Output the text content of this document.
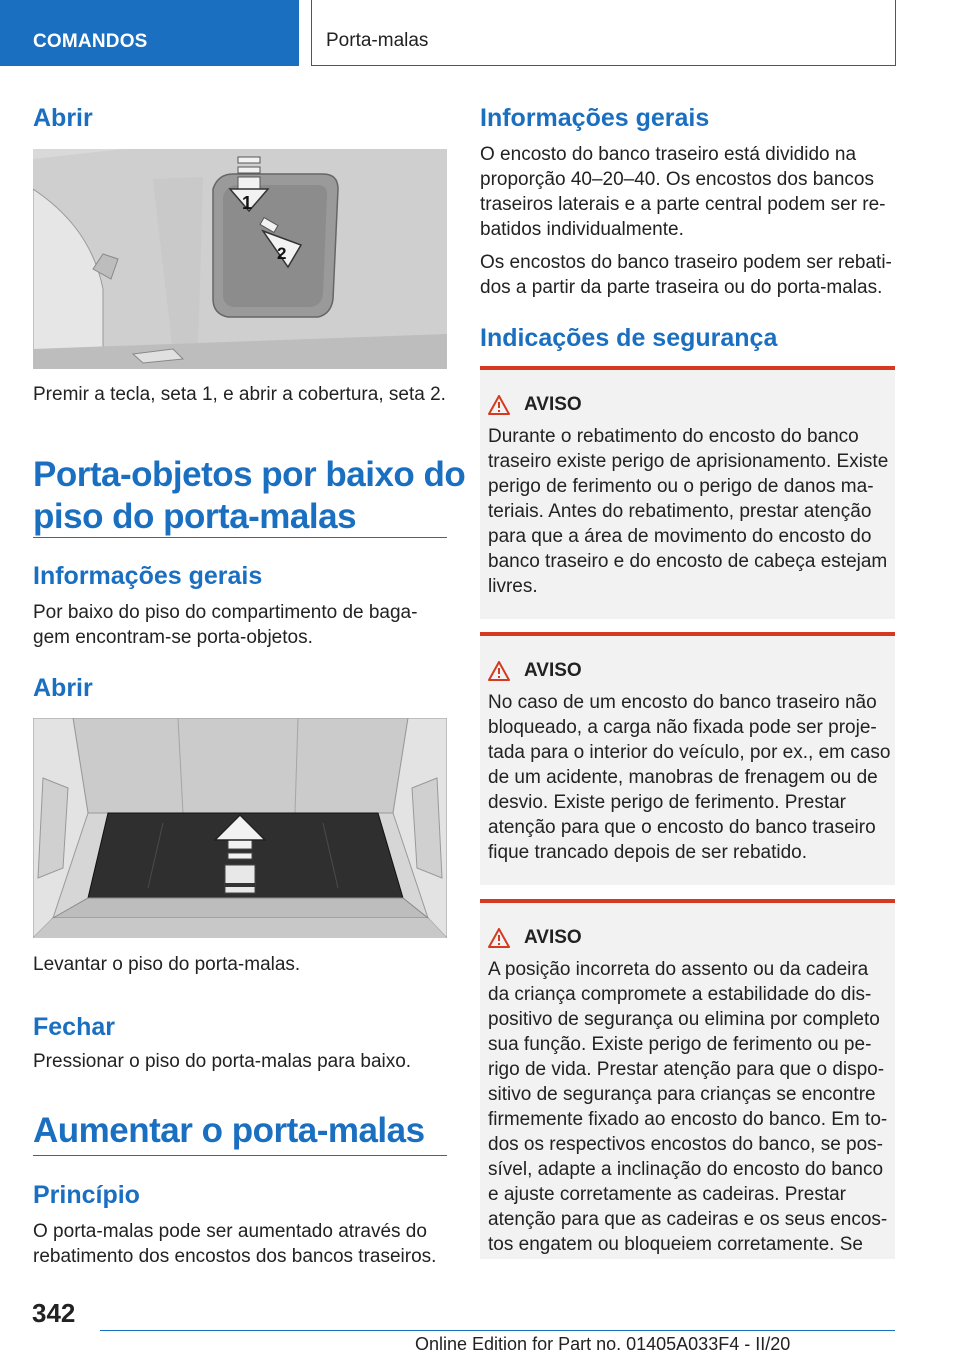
COMANDOS	Porta-malas
Abrir
1
2

Premir a tecla, seta 1, e abrir a cobertura, seta 2.

Porta-objetos por baixo do
piso do porta-malas
Informações gerais
Por baixo do piso do compartimento de baga-
gem encontram-se porta-objetos.
Abrir

Levantar o piso do porta-malas.

Fechar

Pressionar o piso do porta-malas para baixo.

Aumentar o porta-malas
Princípio
O porta-malas pode ser aumentado através do
rebatimento dos encostos dos bancos traseiros.
Informações gerais
O encosto do banco traseiro está dividido na
proporção 40–20–40. Os encostos dos bancos
traseiros laterais e a parte central podem ser re-
batidos individualmente.
Os encostos do banco traseiro podem ser rebati-
dos a partir da parte traseira ou do porta-malas.
Indicações de segurança
AVISO
Durante o rebatimento do encosto do banco
traseiro existe perigo de aprisionamento. Existe
perigo de ferimento ou o perigo de danos ma-
teriais. Antes do rebatimento, prestar atenção
para que a área de movimento do encosto do
banco traseiro e do encosto de cabeça estejam
livres.
AVISO
No caso de um encosto do banco traseiro não
bloqueado, a carga não fixada pode ser proje-
tada para o interior do veículo, por ex., em caso
de um acidente, manobras de frenagem ou de
desvio. Existe perigo de ferimento. Prestar
atenção para que o encosto do banco traseiro
fique trancado depois de ser rebatido.
AVISO
A posição incorreta do assento ou da cadeira
da criança compromete a estabilidade do dis-
positivo de segurança ou elimina por completo
sua função. Existe perigo de ferimento ou pe-
rigo de vida. Prestar atenção para que o dispo-
sitivo de segurança para crianças se encontre
firmemente fixado ao encosto do banco. Em to-
dos os respectivos encostos do banco, se pos-
sível, adapte a inclinação do encosto do banco
e ajuste corretamente as cadeiras. Prestar
atenção para que as cadeiras e os seus encos-
tos engatem ou bloqueiem corretamente. Se
342
Online Edition for Part no. 01405A033F4 - II/20
